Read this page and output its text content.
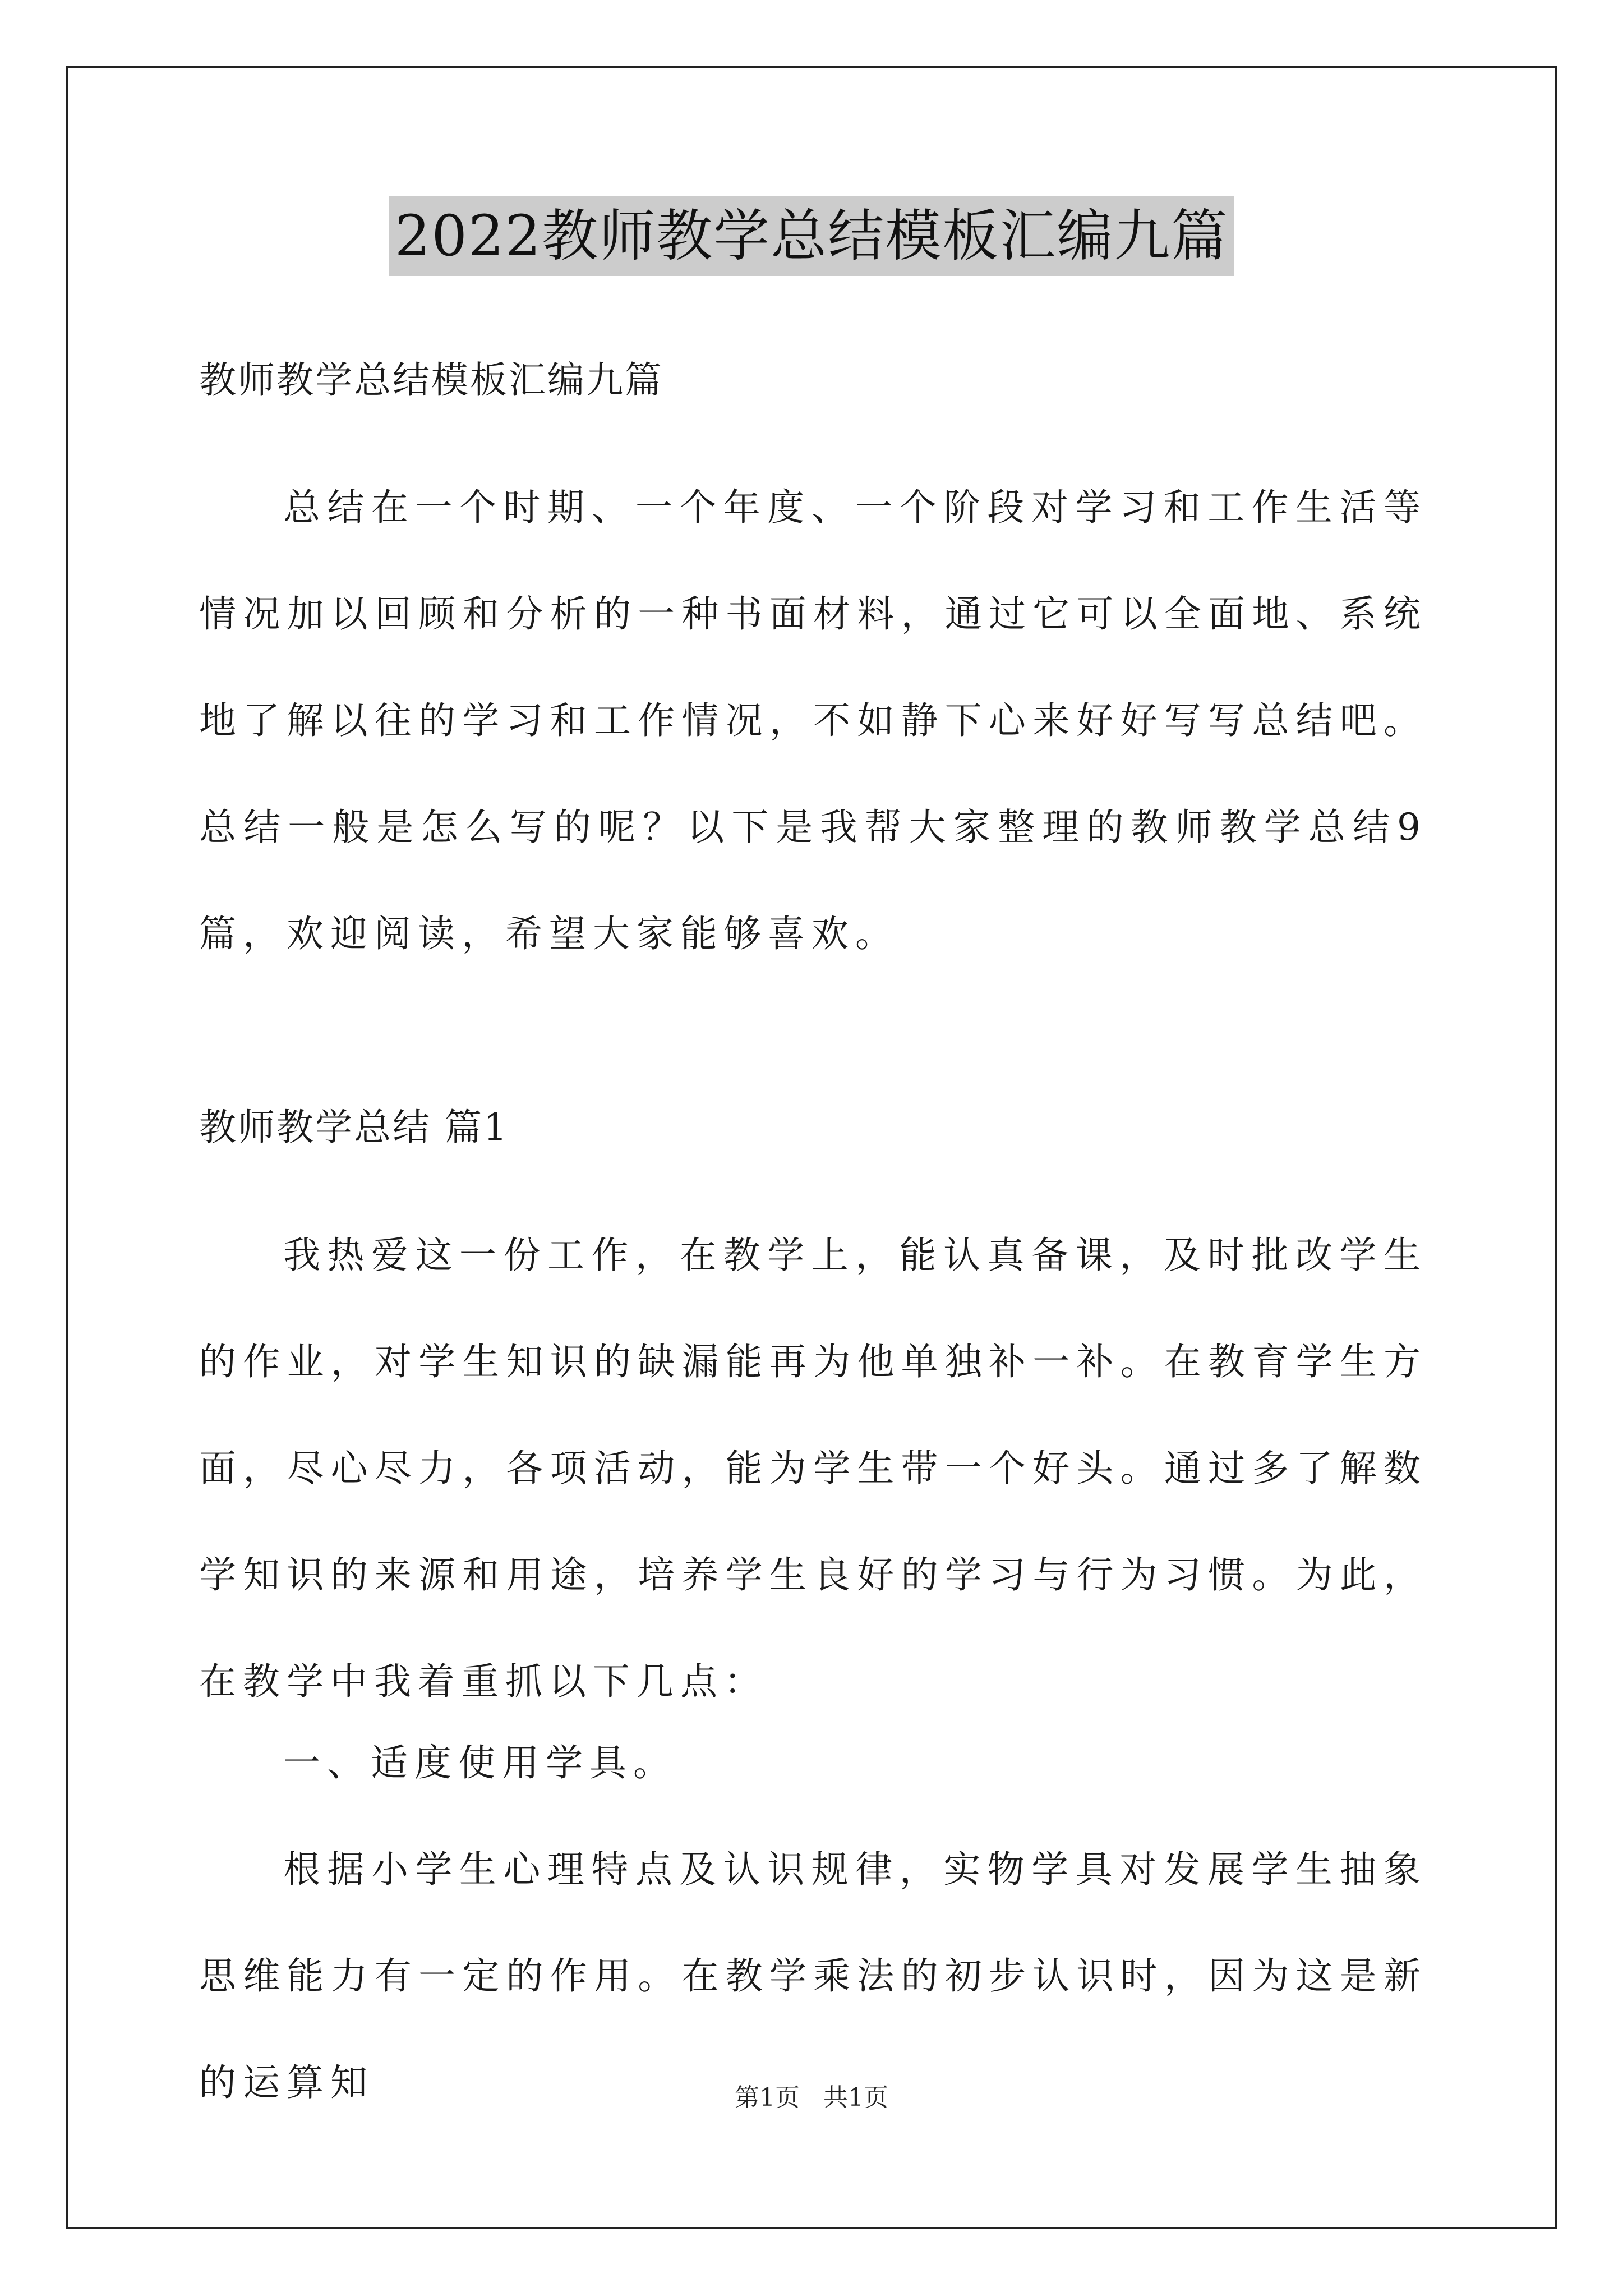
2022教师教学总结模板汇编九篇

教师教学总结模板汇编九篇

总结在一个时期、一个年度、一个阶段对学习和工作生活等情况加以回顾和分析的一种书面材料，通过它可以全面地、系统地了解以往的学习和工作情况，不如静下心来好好写写总结吧。总结一般是怎么写的呢？以下是我帮大家整理的教师教学总结9篇，欢迎阅读，希望大家能够喜欢。

教师教学总结 篇1

我热爱这一份工作，在教学上，能认真备课，及时批改学生的作业，对学生知识的缺漏能再为他单独补一补。在教育学生方面，尽心尽力，各项活动，能为学生带一个好头。通过多了解数学知识的来源和用途，培养学生良好的学习与行为习惯。为此，在教学中我着重抓以下几点：

一、适度使用学具。

根据小学生心理特点及认识规律，实物学具对发展学生抽象思维能力有一定的作用。在教学乘法的初步认识时，因为这是新的运算知	第1页 共1页
